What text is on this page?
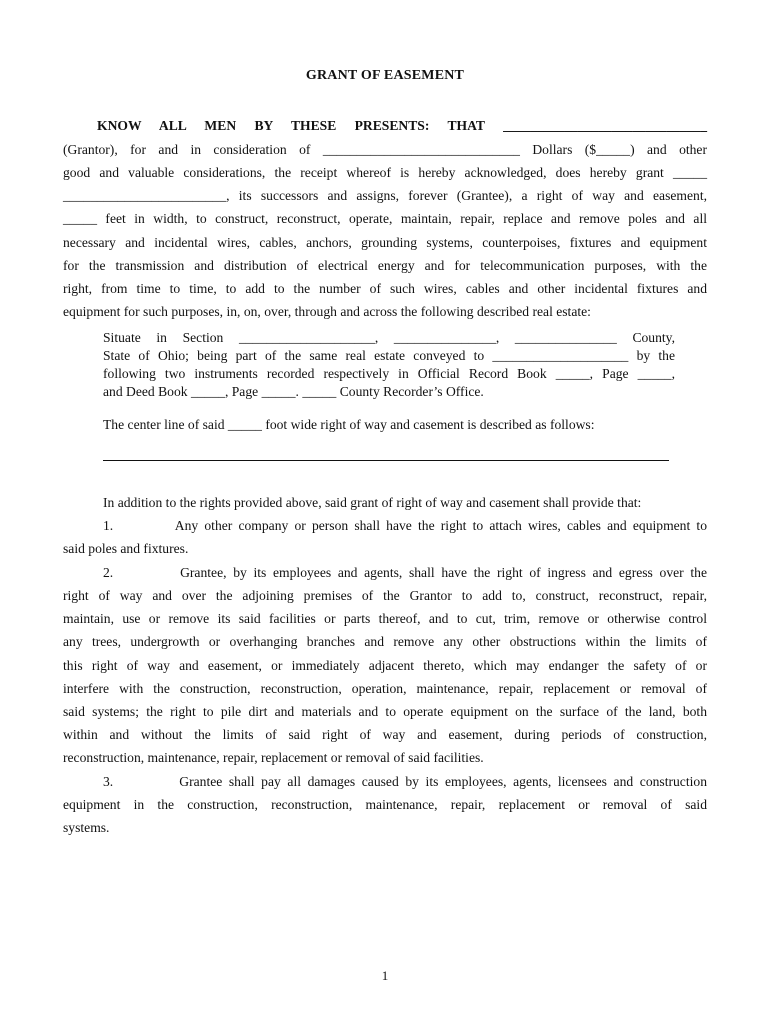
GRANT OF EASEMENT
KNOW ALL MEN BY THESE PRESENTS: THAT ______________________________
(Grantor), for and in consideration of _____________________________ Dollars ($_____) and other
good and valuable considerations, the receipt whereof is hereby acknowledged, does hereby grant _____
________________________, its successors and assigns, forever (Grantee), a right of way and easement,
_____ feet in width, to construct, reconstruct, operate, maintain, repair, replace and remove poles and all
necessary and incidental wires, cables, anchors, grounding systems, counterpoises, fixtures and equipment
for the transmission and distribution of electrical energy and for telecommunication purposes, with the
right, from time to time, to add to the number of such wires, cables and other incidental fixtures and
equipment for such purposes, in, on, over, through and across the following described real estate:
Situate in Section ____________________, _______________, _______________ County,
State of Ohio; being part of the same real estate conveyed to ____________________ by the
following two instruments recorded respectively in Official Record Book _____, Page _____,
and Deed Book _____, Page _____. _____ County Recorder’s Office.
The center line of said _____ foot wide right of way and casement is described as follows:
In addition to the rights provided above, said grant of right of way and casement shall provide that:
1.          Any other company or person shall have the right to attach wires, cables and equipment to
said poles and fixtures.
2.          Grantee, by its employees and agents, shall have the right of ingress and egress over the
right of way and over the adjoining premises of the Grantor to add to, construct, reconstruct, repair,
maintain, use or remove its said facilities or parts thereof, and to cut, trim, remove or otherwise control
any trees, undergrowth or overhanging branches and remove any other obstructions within the limits of
this right of way and easement, or immediately adjacent thereto, which may endanger the safety of or
interfere with the construction, reconstruction, operation, maintenance, repair, replacement or removal of
said systems; the right to pile dirt and materials and to operate equipment on the surface of the land, both
within and without the limits of said right of way and easement, during periods of construction,
reconstruction, maintenance, repair, replacement or removal of said facilities.
3.          Grantee shall pay all damages caused by its employees, agents, licensees and construction
equipment in the construction, reconstruction, maintenance, repair, replacement or removal of said
systems.
1
